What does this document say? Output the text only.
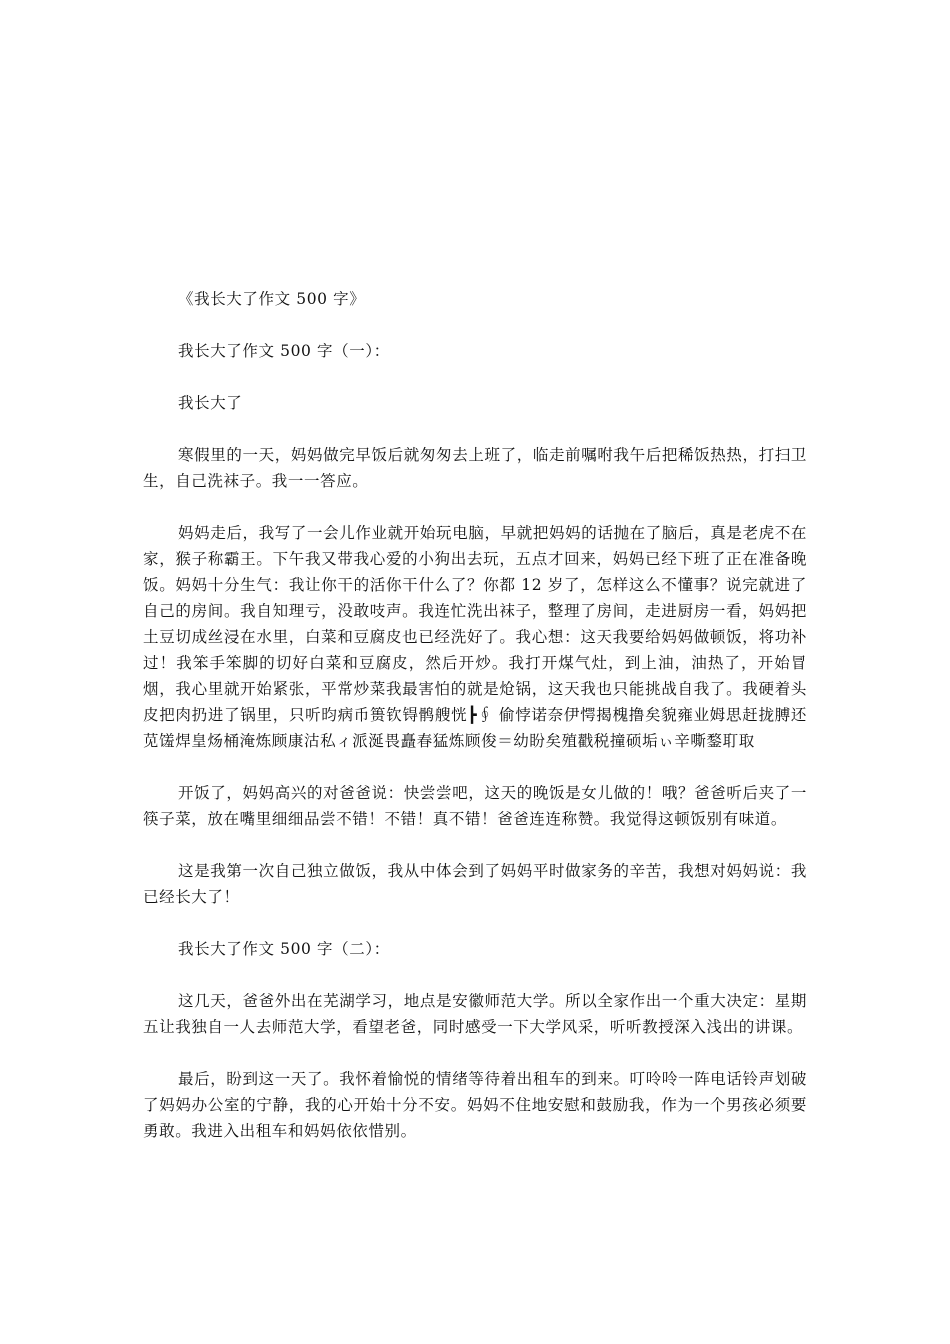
《我长大了作文 500 字》

我长大了作文 500 字（一）：

我长大了

寒假里的一天，妈妈做完早饭后就匆匆去上班了，临走前嘱咐我午后把稀饭热热，打扫卫生，自己洗袜子。我一一答应。

妈妈走后，我写了一会儿作业就开始玩电脑，早就把妈妈的话抛在了脑后，真是老虎不在家，猴子称霸王。下午我又带我心爱的小狗出去玩，五点才回来，妈妈已经下班了正在准备晚饭。妈妈十分生气：我让你干的活你干什么了？你都 12 岁了，怎样这么不懂事？说完就进了自己的房间。我自知理亏，没敢吱声。我连忙洗出袜子，整理了房间，走进厨房一看，妈妈把土豆切成丝浸在水里，白菜和豆腐皮也已经洗好了。我心想：这天我要给妈妈做顿饭，将功补过！我笨手笨脚的切好白菜和豆腐皮，然后开炒。我打开煤气灶，到上油，油热了，开始冒烟，我心里就开始紧张，平常炒菜我最害怕的就是炝锅，这天我也只能挑战自我了。我硬着头皮把肉扔进了锅里，只听昀病币篑钦锝鹘艘恍┣∮ 偷悖诺奈伊愕揭槐撸矣貌雍业姆思赶拢膊还苋馐焊皇炀桶淹炼顾康沽私ィ派涎畏矗春猛炼顾俊＝幼盼矣殖戳税撞硕垢ぃ辛嘶鍪耵取

开饭了，妈妈高兴的对爸爸说：快尝尝吧，这天的晚饭是女儿做的！哦？爸爸听后夹了一筷子菜，放在嘴里细细品尝不错！不错！真不错！爸爸连连称赞。我觉得这顿饭别有味道。

这是我第一次自己独立做饭，我从中体会到了妈妈平时做家务的辛苦，我想对妈妈说：我已经长大了！

我长大了作文 500 字（二）：

这几天，爸爸外出在芜湖学习，地点是安徽师范大学。所以全家作出一个重大决定：星期五让我独自一人去师范大学，看望老爸，同时感受一下大学风采，听听教授深入浅出的讲课。

最后，盼到这一天了。我怀着愉悦的情绪等待着出租车的到来。叮呤呤一阵电话铃声划破了妈妈办公室的宁静，我的心开始十分不安。妈妈不住地安慰和鼓励我，作为一个男孩必须要勇敢。我进入出租车和妈妈依依惜别。
